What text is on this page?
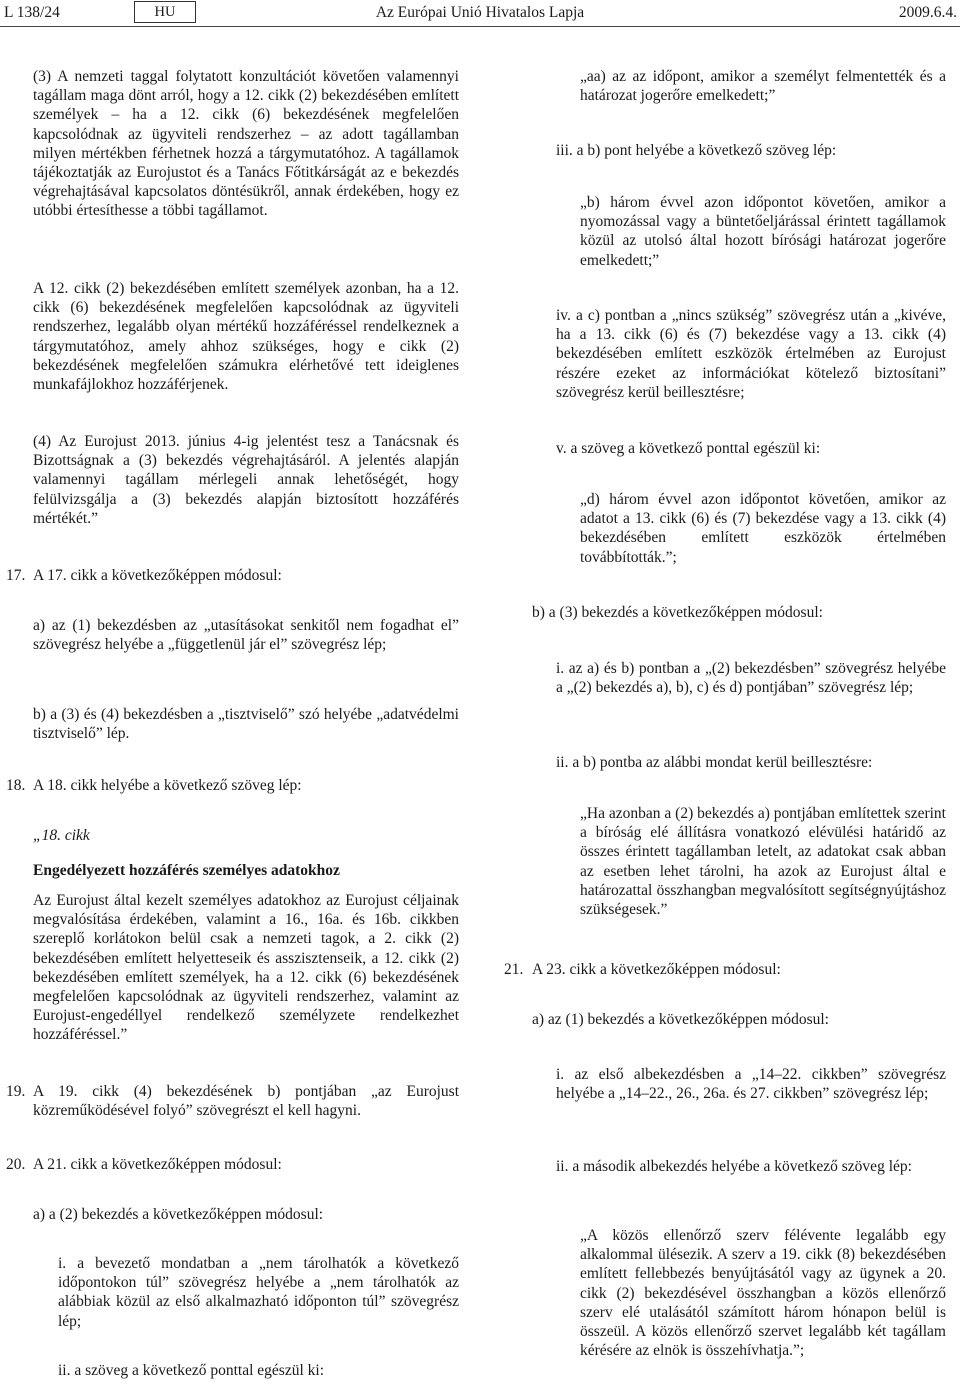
Az Európai Unió Hivatalos Lapja
L 138/24	HU	2009.6.4.

(3) A nemzeti taggal folytatott konzultációt követően valamennyi tagállam maga dönt arról, hogy a 12. cikk (2) bekezdésében említett személyek – ha a 12. cikk (6) bekezdésének megfelelően kapcsolódnak az ügyviteli rendszerhez – az adott tagállamban milyen mértékben férhetnek hozzá a tárgymutatóhoz. A tagállamok tájékoztatják az Eurojustot és a Tanács Főtitkárságát az e bekezdés végrehajtásával kapcsolatos döntésükről, annak érdekében, hogy ez utóbbi értesíthesse a többi tagállamot.

A 12. cikk (2) bekezdésében említett személyek azonban, ha a 12. cikk (6) bekezdésének megfelelően kapcsolódnak az ügyviteli rendszerhez, legalább olyan mértékű hozzáféréssel rendelkeznek a tárgymutatóhoz, amely ahhoz szükséges, hogy e cikk (2) bekezdésének megfelelően számukra elérhetővé tett ideiglenes munkafájlokhoz hozzáférjenek.

(4) Az Eurojust 2013. június 4-ig jelentést tesz a Tanácsnak és Bizottságnak a (3) bekezdés végrehajtásáról. A jelentés alapján valamennyi tagállam mérlegeli annak lehetőségét, hogy felülvizsgálja a (3) bekezdés alapján biztosított hozzáférés mértékét.”

17. A 17. cikk a következőképpen módosul:

a) az (1) bekezdésben az „utasításokat senkitől nem fogadhat el” szövegrész helyébe a „függetlenül jár el” szövegrész lép;

b) a (3) és (4) bekezdésben a „tisztviselő” szó helyébe „adatvédelmi tisztviselő” lép.

18. A 18. cikk helyébe a következő szöveg lép:

„18. cikk

Engedélyezett hozzáférés személyes adatokhoz

Az Eurojust által kezelt személyes adatokhoz az Eurojust céljainak megvalósítása érdekében, valamint a 16., 16a. és 16b. cikkben szereplő korlátokon belül csak a nemzeti tagok, a 2. cikk (2) bekezdésében említett helyetteseik és asszisztenseik, a 12. cikk (2) bekezdésében említett személyek, ha a 12. cikk (6) bekezdésének megfelelően kapcsolódnak az ügyviteli rendszerhez, valamint az Eurojust-engedéllyel rendelkező személyzete rendelkezhet hozzáféréssel.”

19. A 19. cikk (4) bekezdésének b) pontjában „az Eurojust közreműködésével folyó” szövegrészt el kell hagyni.

20. A 21. cikk a következőképpen módosul:

a) a (2) bekezdés a következőképpen módosul:

i. a bevezető mondatban a „nem tárolhatók a következő időpontokon túl” szövegrész helyébe a „nem tárolhatók az alábbiak közül az első alkalmazható időponton túl” szövegrész lép;

ii. a szöveg a következő ponttal egészül ki:

„aa) az az időpont, amikor a személyt felmentették és a határozat jogerőre emelkedett;”

iii. a b) pont helyébe a következő szöveg lép:

„b) három évvel azon időpontot követően, amikor a nyomozással vagy a büntetőeljárással érintett tagállamok közül az utolsó által hozott bírósági határozat jogerőre emelkedett;”

iv. a c) pontban a „nincs szükség” szövegrész után a „kivéve, ha a 13. cikk (6) és (7) bekezdése vagy a 13. cikk (4) bekezdésében említett eszközök értelmében az Eurojust részére ezeket az információkat kötelező biztosítani” szövegrész kerül beillesztésre;

v. a szöveg a következő ponttal egészül ki:

„d) három évvel azon időpontot követően, amikor az adatot a 13. cikk (6) és (7) bekezdése vagy a 13. cikk (4) bekezdésében említett eszközök értelmében továbbították.”;

b) a (3) bekezdés a következőképpen módosul:

i. az a) és b) pontban a „(2) bekezdésben” szövegrész helyébe a „(2) bekezdés a), b), c) és d) pontjában” szövegrész lép;

ii. a b) pontba az alábbi mondat kerül beillesztésre:

„Ha azonban a (2) bekezdés a) pontjában említettek szerint a bíróság elé állításra vonatkozó elévülési határidő az összes érintett tagállamban letelt, az adatokat csak abban az esetben lehet tárolni, ha azok az Eurojust által e határozattal összhangban megvalósított segítségnyújtáshoz szükségesek.”

21. A 23. cikk a következőképpen módosul:

a) az (1) bekezdés a következőképpen módosul:

i. az első albekezdésben a „14–22. cikkben” szövegrész helyébe a „14–22., 26., 26a. és 27. cikkben” szövegrész lép;

ii. a második albekezdés helyébe a következő szöveg lép:

„A közös ellenőrző szerv félévente legalább egy alkalommal ülésezik. A szerv a 19. cikk (8) bekezdésében említett fellebbezés benyújtásától vagy az ügynek a 20. cikk (2) bekezdésével összhangban a közös ellenőrző szerv elé utalásától számított három hónapon belül is összeül. A közös ellenőrző szervet legalább két tagállam kérésére az elnök is összehívhatja.”;
